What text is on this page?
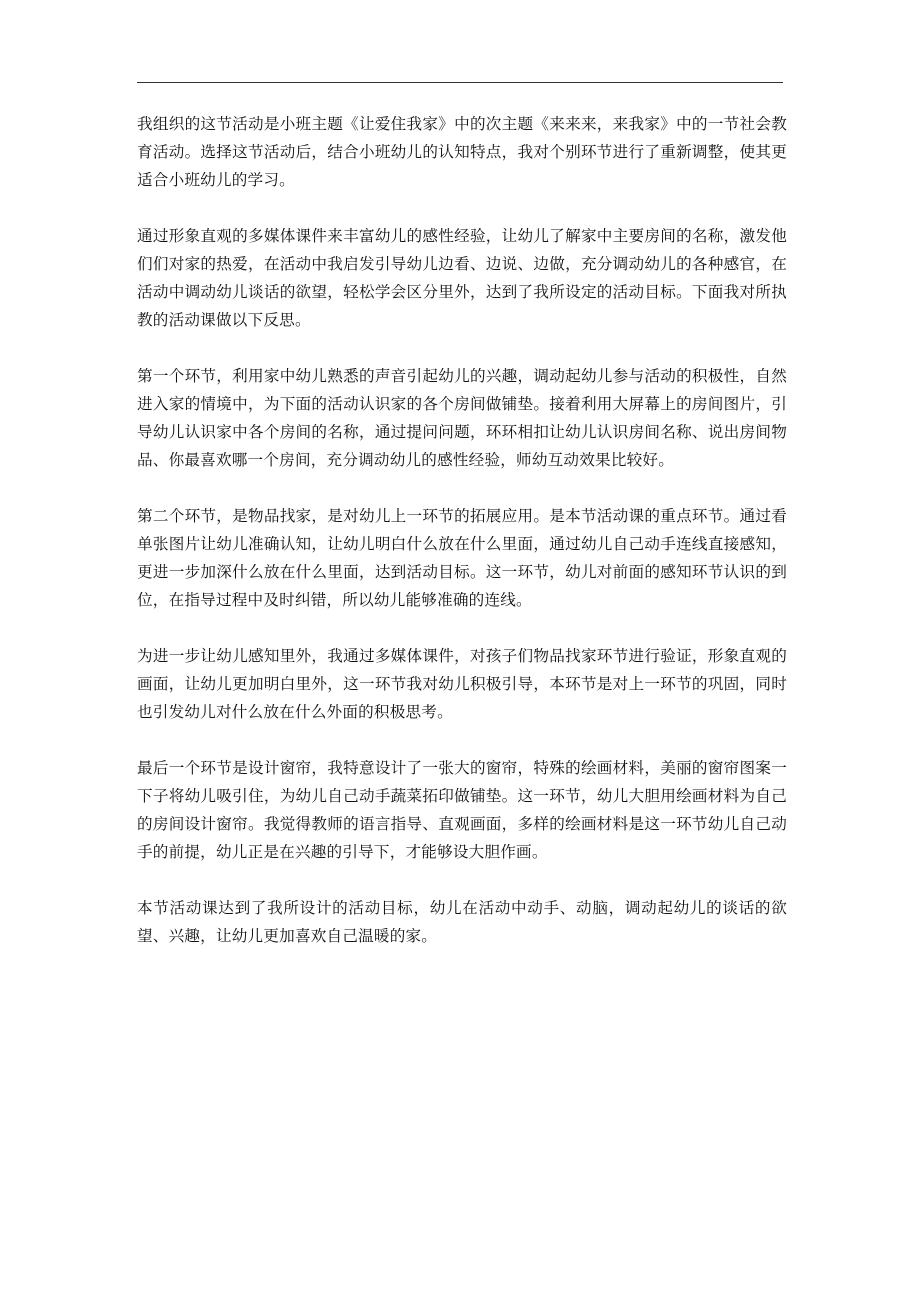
我组织的这节活动是小班主题《让爱住我家》中的次主题《来来来，来我家》中的一节社会教育活动。选择这节活动后，结合小班幼儿的认知特点，我对个别环节进行了重新调整，使其更适合小班幼儿的学习。

通过形象直观的多媒体课件来丰富幼儿的感性经验，让幼儿了解家中主要房间的名称，激发他们们对家的热爱，在活动中我启发引导幼儿边看、边说、边做，充分调动幼儿的各种感官，在活动中调动幼儿谈话的欲望，轻松学会区分里外，达到了我所设定的活动目标。下面我对所执教的活动课做以下反思。

第一个环节，利用家中幼儿熟悉的声音引起幼儿的兴趣，调动起幼儿参与活动的积极性，自然进入家的情境中，为下面的活动认识家的各个房间做铺垫。接着利用大屏幕上的房间图片，引导幼儿认识家中各个房间的名称，通过提问问题，环环相扣让幼儿认识房间名称、说出房间物品、你最喜欢哪一个房间，充分调动幼儿的感性经验，师幼互动效果比较好。

第二个环节，是物品找家，是对幼儿上一环节的拓展应用。是本节活动课的重点环节。通过看单张图片让幼儿准确认知，让幼儿明白什么放在什么里面，通过幼儿自己动手连线直接感知，更进一步加深什么放在什么里面，达到活动目标。这一环节，幼儿对前面的感知环节认识的到位，在指导过程中及时纠错，所以幼儿能够准确的连线。

为进一步让幼儿感知里外，我通过多媒体课件，对孩子们物品找家环节进行验证，形象直观的画面，让幼儿更加明白里外，这一环节我对幼儿积极引导，本环节是对上一环节的巩固，同时也引发幼儿对什么放在什么外面的积极思考。

最后一个环节是设计窗帘，我特意设计了一张大的窗帘，特殊的绘画材料，美丽的窗帘图案一下子将幼儿吸引住，为幼儿自己动手蔬菜拓印做铺垫。这一环节，幼儿大胆用绘画材料为自己的房间设计窗帘。我觉得教师的语言指导、直观画面，多样的绘画材料是这一环节幼儿自己动手的前提，幼儿正是在兴趣的引导下，才能够设大胆作画。

本节活动课达到了我所设计的活动目标，幼儿在活动中动手、动脑，调动起幼儿的谈话的欲望、兴趣，让幼儿更加喜欢自己温暖的家。
